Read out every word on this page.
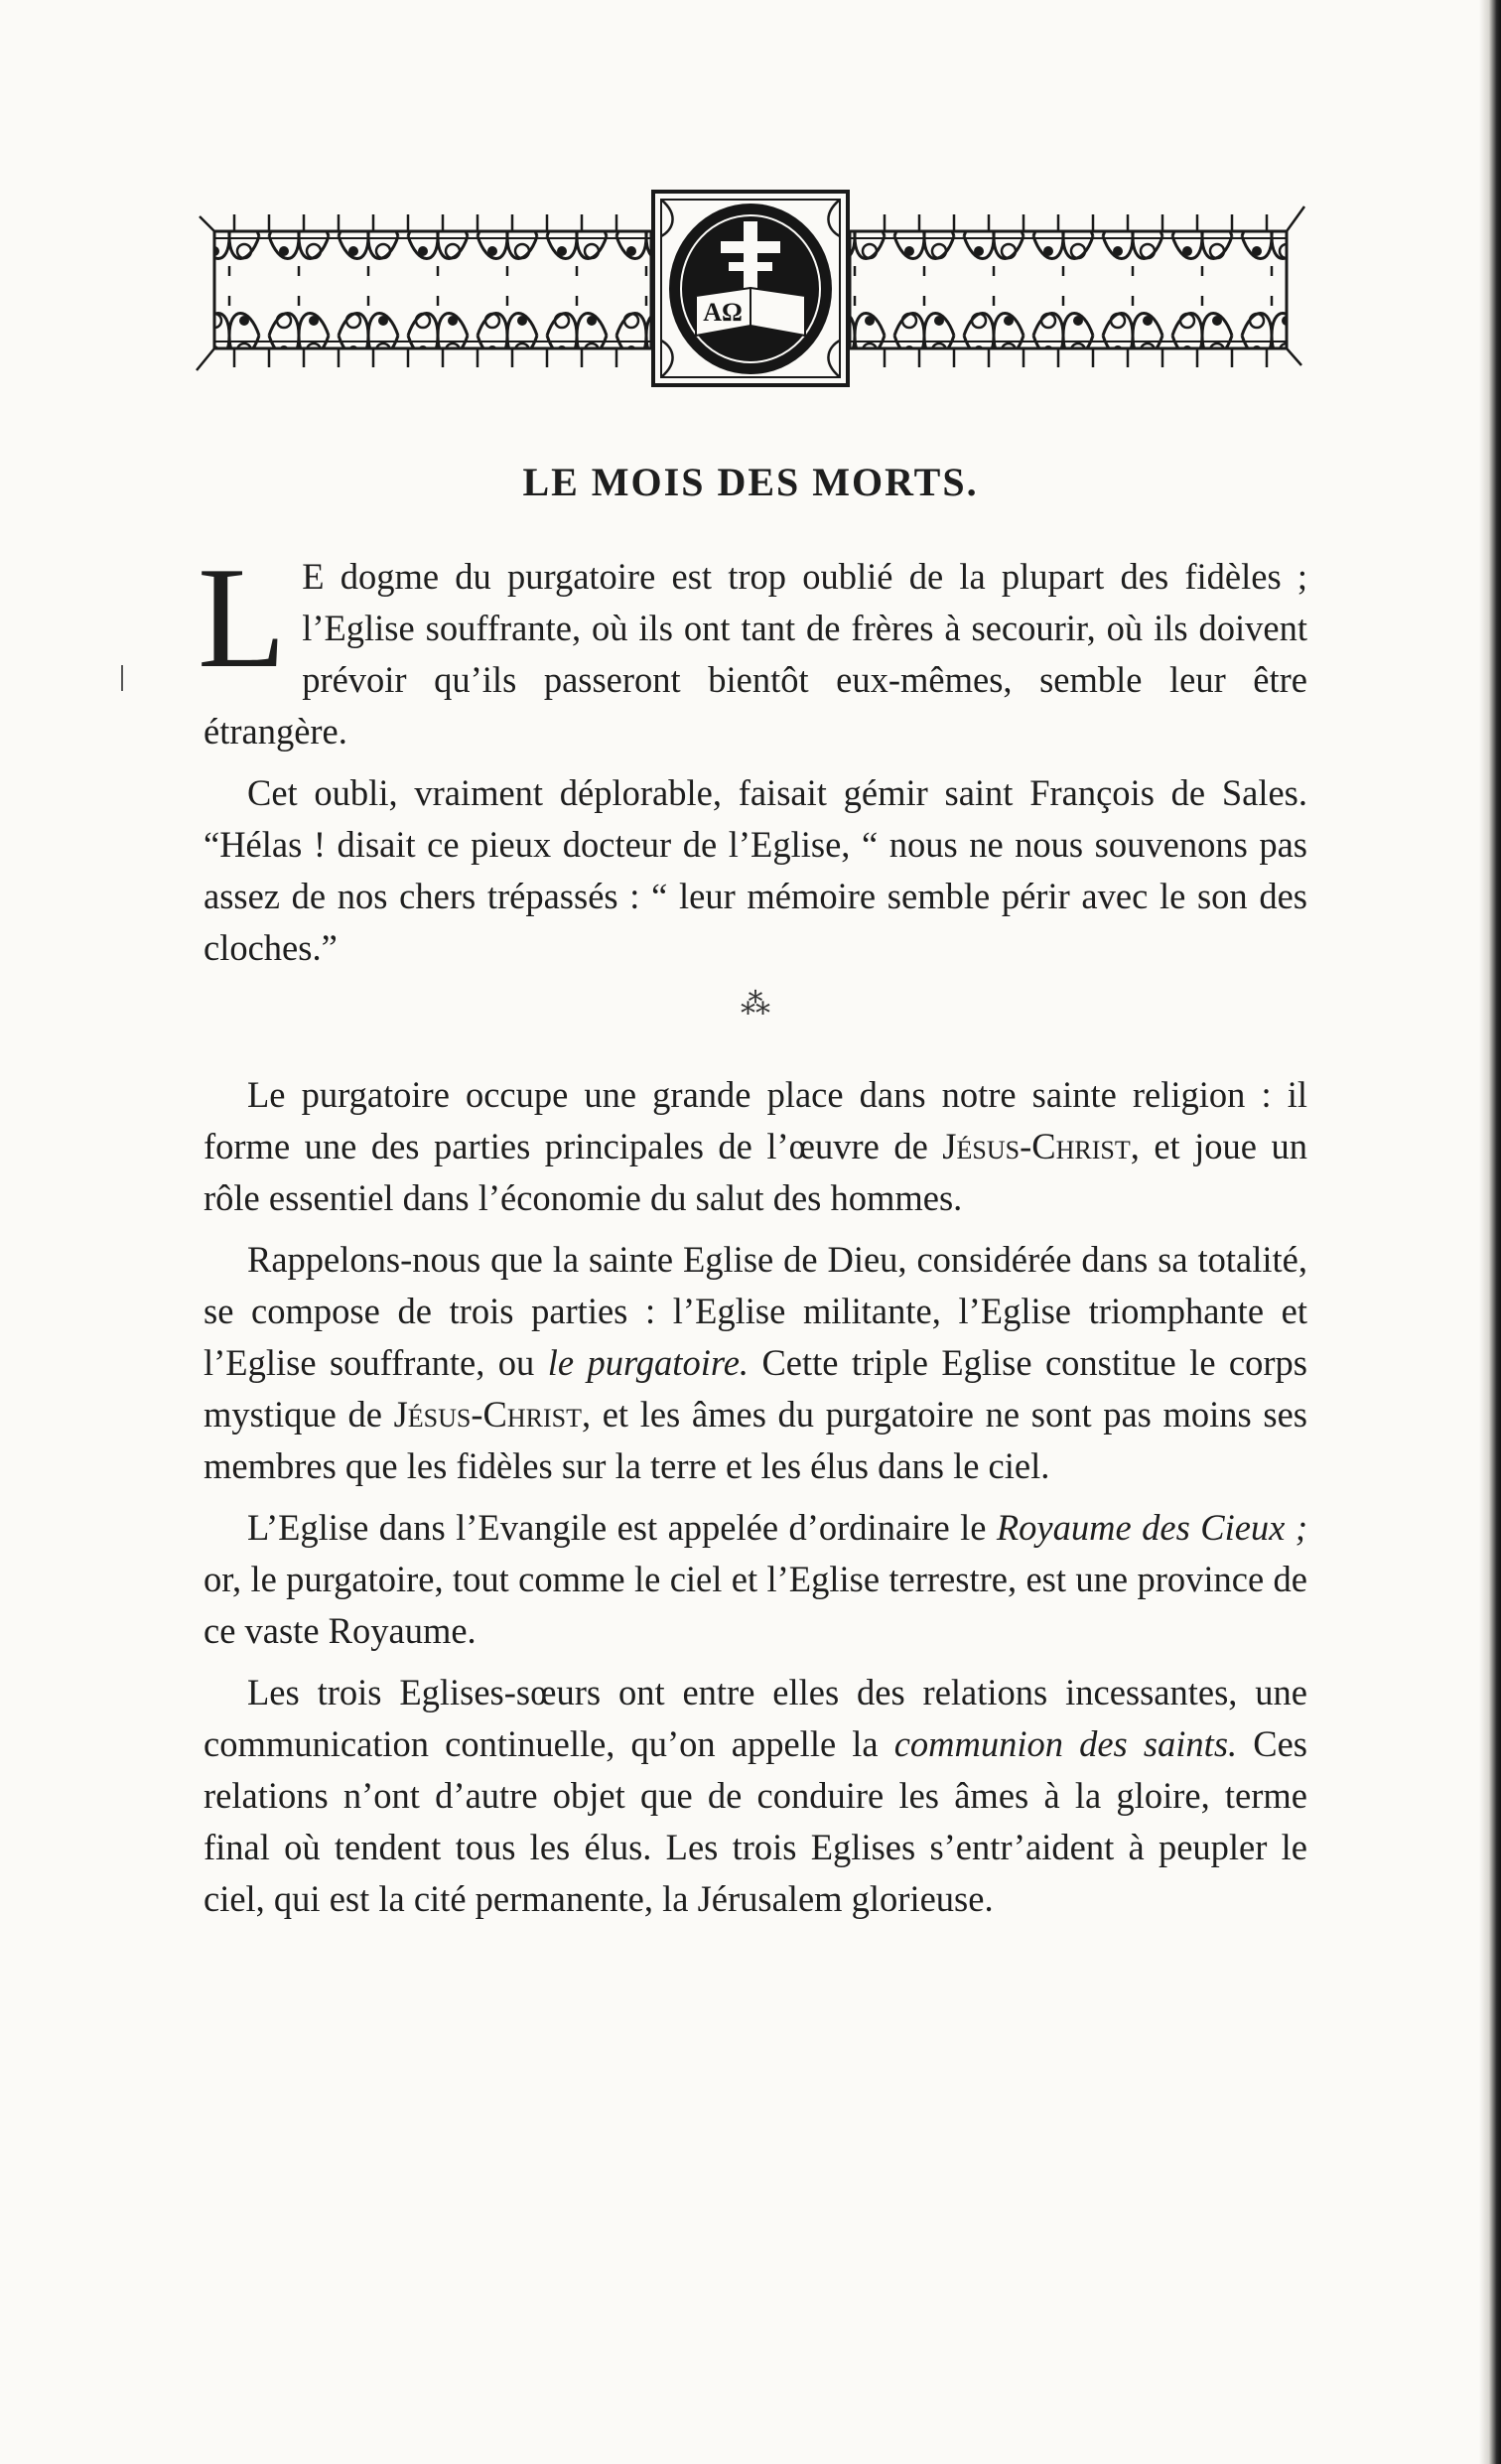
AΩ
LE MOIS DES MORTS.

L E dogme du purgatoire est trop oublié de la plupart des fidèles ; l’Eglise souffrante, où ils ont tant de frères à secourir, où ils doivent prévoir qu’ils passeront bientôt eux-mêmes, semble leur être étrangère.

Cet oubli, vraiment déplorable, faisait gémir saint François de Sales. “Hélas ! disait ce pieux docteur de l’Eglise, “ nous ne nous souvenons pas assez de nos chers trépassés : “ leur mémoire semble périr avec le son des cloches.”

⁂

Le purgatoire occupe une grande place dans notre sainte religion : il forme une des parties principales de l’œuvre de Jésus-Christ, et joue un rôle essentiel dans l’économie du salut des hommes.

Rappelons-nous que la sainte Eglise de Dieu, considérée dans sa totalité, se compose de trois parties : l’Eglise militante, l’Eglise triomphante et l’Eglise souffrante, ou le purgatoire. Cette triple Eglise constitue le corps mystique de Jésus-Christ, et les âmes du purgatoire ne sont pas moins ses membres que les fidèles sur la terre et les élus dans le ciel.

L’Eglise dans l’Evangile est appelée d’ordinaire le Royaume des Cieux ; or, le purgatoire, tout comme le ciel et l’Eglise terrestre, est une province de ce vaste Royaume.

Les trois Eglises-sœurs ont entre elles des relations incessantes, une communication continuelle, qu’on appelle la communion des saints. Ces relations n’ont d’autre objet que de conduire les âmes à la gloire, terme final où tendent tous les élus. Les trois Eglises s’entr’aident à peupler le ciel, qui est la cité permanente, la Jérusalem glorieuse.
